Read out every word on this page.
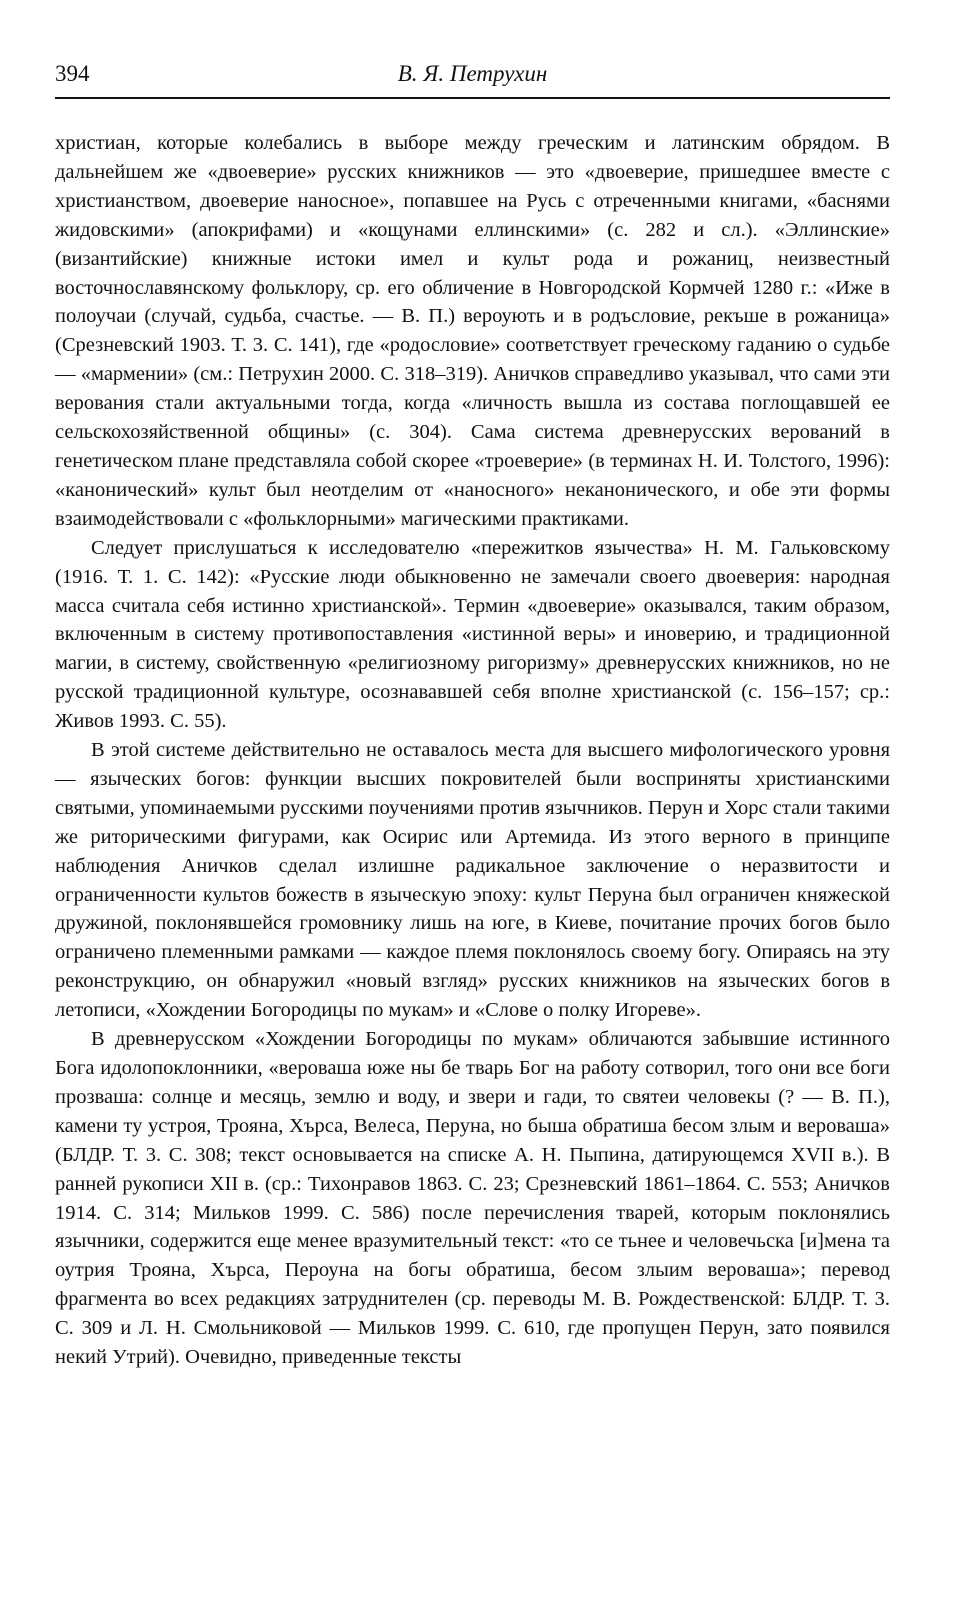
394	В. Я. Петрухин

христиан, которые колебались в выборе между греческим и латинским обрядом. В дальнейшем же «двоеверие» русских книжников — это «двоеверие, пришедшее вместе с христианством, двоеверие наносное», попавшее на Русь с отреченными книгами, «баснями жидовскими» (апокрифами) и «кощунами еллинскими» (с. 282 и сл.). «Эллинские» (византийские) книжные истоки имел и культ рода и рожаниц, неизвестный восточнославянскому фольклору, ср. его обличение в Новгородской Кормчей 1280 г.: «Иже в полоучаи (случай, судьба, счастье. — В. П.) вероують и в родъсловие, рекъше в рожаница» (Срезневский 1903. Т. 3. С. 141), где «родословие» соответствует греческому гаданию о судьбе — «мармении» (см.: Петрухин 2000. С. 318–319). Аничков справедливо указывал, что сами эти верования стали актуальными тогда, когда «личность вышла из состава поглощавшей ее сельскохозяйственной общины» (с. 304). Сама система древнерусских верований в генетическом плане представляла собой скорее «троеверие» (в терминах Н. И. Толстого, 1996): «канонический» культ был неотделим от «наносного» неканонического, и обе эти формы взаимодействовали с «фольклорными» магическими практиками.

Следует прислушаться к исследователю «пережитков язычества» Н. М. Гальковскому (1916. Т. 1. С. 142): «Русские люди обыкновенно не замечали своего двоеверия: народная масса считала себя истинно христианской». Термин «двоеверие» оказывался, таким образом, включенным в систему противопоставления «истинной веры» и иноверию, и традиционной магии, в систему, свойственную «религиозному ригоризму» древнерусских книжников, но не русской традиционной культуре, осознававшей себя вполне христианской (с. 156–157; ср.: Живов 1993. С. 55).

В этой системе действительно не оставалось места для высшего мифологического уровня — языческих богов: функции высших покровителей были восприняты христианскими святыми, упоминаемыми русскими поучениями против язычников. Перун и Хорс стали такими же риторическими фигурами, как Осирис или Артемида. Из этого верного в принципе наблюдения Аничков сделал излишне радикальное заключение о неразвитости и ограниченности культов божеств в языческую эпоху: культ Перуна был ограничен княжеской дружиной, поклонявшейся громовнику лишь на юге, в Киеве, почитание прочих богов было ограничено племенными рамками — каждое племя поклонялось своему богу. Опираясь на эту реконструкцию, он обнаружил «новый взгляд» русских книжников на языческих богов в летописи, «Хождении Богородицы по мукам» и «Слове о полку Игореве».

В древнерусском «Хождении Богородицы по мукам» обличаются забывшие истинного Бога идолопоклонники, «вероваша юже ны бе тварь Бог на работу сотворил, того они все боги прозваша: солнце и месяць, землю и воду, и звери и гади, то святеи человекы (? — В. П.), камени ту устроя, Трояна, Хърса, Велеса, Перуна, но быша обратиша бесом злым и вероваша» (БЛДР. Т. 3. С. 308; текст основывается на списке А. Н. Пыпина, датирующемся XVII в.). В ранней рукописи XII в. (ср.: Тихонравов 1863. С. 23; Срезневский 1861–1864. С. 553; Аничков 1914. С. 314; Мильков 1999. С. 586) после перечисления тварей, которым поклонялись язычники, содержится еще менее вразумительный текст: «то се тьнее и человечьска [и]мена та оутрия Трояна, Хърса, Пероуна на богы обратиша, бесом злыим вероваша»; перевод фрагмента во всех редакциях затруднителен (ср. переводы М. В. Рождественской: БЛДР. Т. 3. С. 309 и Л. Н. Смольниковой — Мильков 1999. С. 610, где пропущен Перун, зато появился некий Утрий). Очевидно, приведенные тексты
